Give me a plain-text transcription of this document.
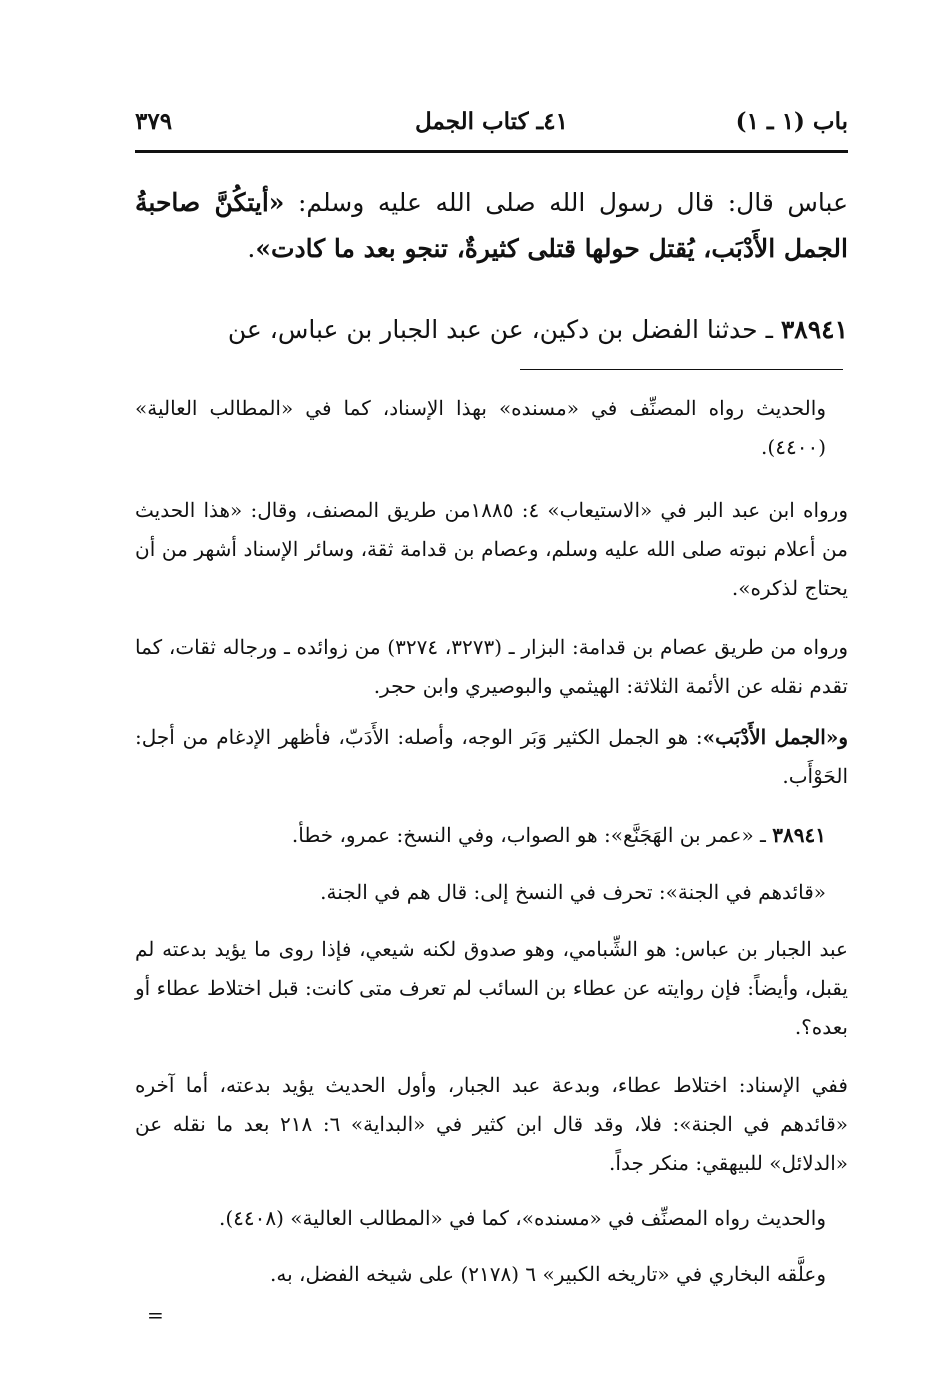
باب (١ ـ ١)
٤١ـ كتاب الجمل
٣٧٩

عباس قال: قال رسول الله صلى الله عليه وسلم: «أيتكُنَّ صاحبةُ الجمل الأَدْبَب، يُقتل حولها قتلى كثيرةٌ، تنجو بعد ما كادت».

٣٨٩٤١ ـ حدثنا الفضل بن دكين، عن عبد الجبار بن عباس، عن

والحديث رواه المصنِّف في «مسنده» بهذا الإسناد، كما في «المطالب العالية» (٤٤٠٠).

ورواه ابن عبد البر في «الاستيعاب» ٤: ١٨٨٥من طريق المصنف، وقال: «هذا الحديث من أعلام نبوته صلى الله عليه وسلم، وعصام بن قدامة ثقة، وسائر الإسناد أشهر من أن يحتاج لذكره».

ورواه من طريق عصام بن قدامة: البزار ـ (٣٢٧٣، ٣٢٧٤) من زوائده ـ ورجاله ثقات، كما تقدم نقله عن الأئمة الثلاثة: الهيثمي والبوصيري وابن حجر.

و«الجمل الأَدْبَب»: هو الجمل الكثير وَبَر الوجه، وأصله: الأَدَبّ، فأظهر الإدغام من أجل: الحَوْأَب.

٣٨٩٤١ ـ «عمر بن الهَجَنَّع»: هو الصواب، وفي النسخ: عمرو، خطأ.

«قائدهم في الجنة»: تحرف في النسخ إلى: قال هم في الجنة.

عبد الجبار بن عباس: هو الشِّبامي، وهو صدوق لكنه شيعي، فإذا روى ما يؤيد بدعته لم يقبل، وأيضاً: فإن روايته عن عطاء بن السائب لم تعرف متى كانت: قبل اختلاط عطاء أو بعده؟.

ففي الإسناد: اختلاط عطاء، وبدعة عبد الجبار، وأول الحديث يؤيد بدعته، أما آخره «قائدهم في الجنة»: فلا، وقد قال ابن كثير في «البداية» ٦: ٢١٨ بعد ما نقله عن «الدلائل» للبيهقي: منكر جداً.

والحديث رواه المصنِّف في «مسنده»، كما في «المطالب العالية» (٤٤٠٨).

وعلَّقه البخاري في «تاريخه الكبير» ٦ (٢١٧٨) على شيخه الفضل، به.

=
